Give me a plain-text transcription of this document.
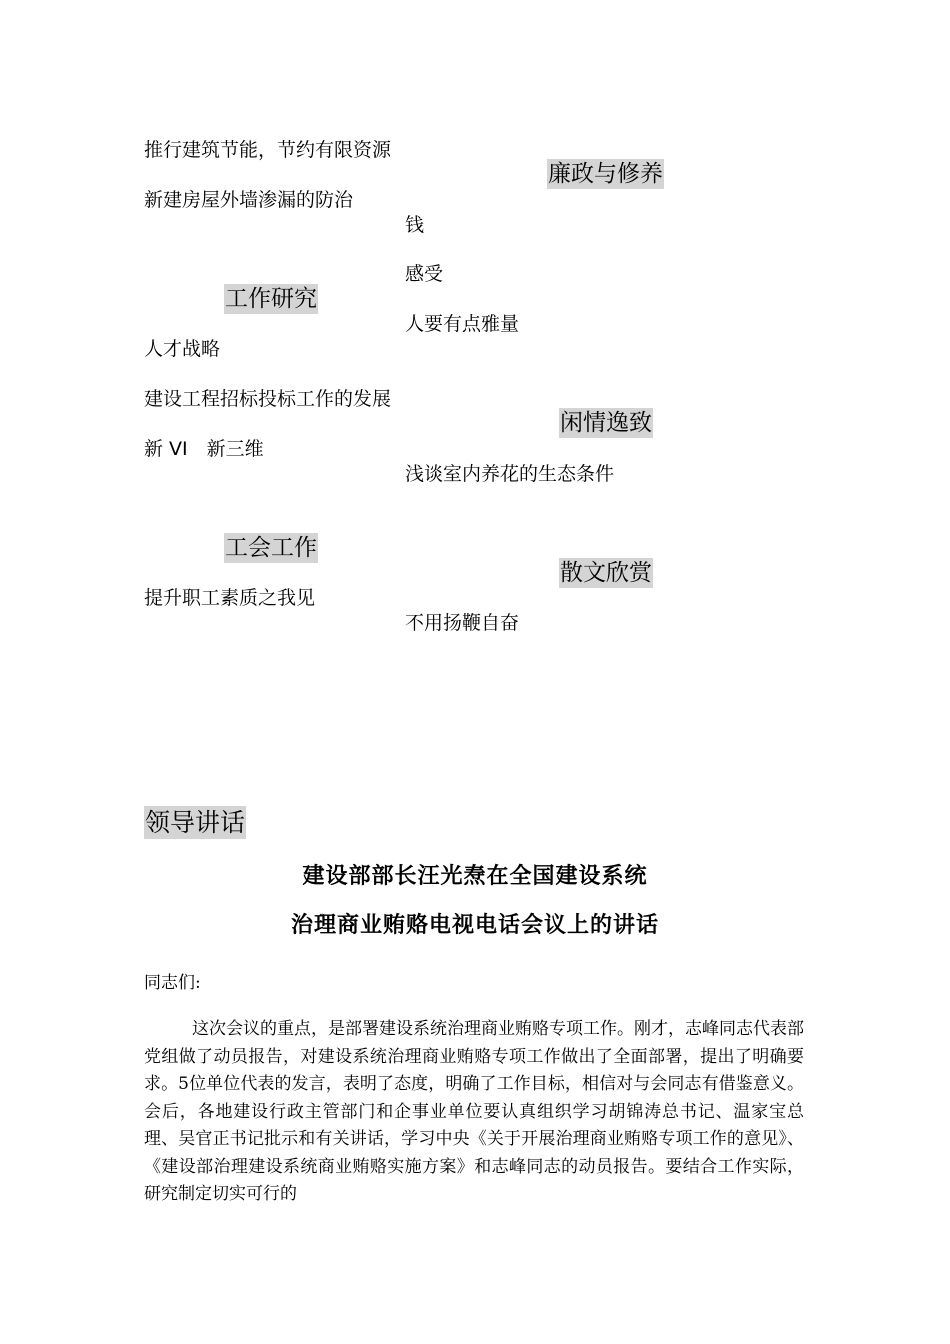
推行建筑节能，节约有限资源
新建房屋外墙渗漏的防治
工作研究
人才战略
建设工程招标投标工作的发展
新 VI　新三维
工会工作
提升职工素质之我见
廉政与修养
钱
感受
人要有点雅量
闲情逸致
浅谈室内养花的生态条件
散文欣赏
不用扬鞭自奋
领导讲话
建设部部长汪光焘在全国建设系统
治理商业贿赂电视电话会议上的讲话
同志们:
这次会议的重点，是部署建设系统治理商业贿赂专项工作。刚才，志峰同志代表部党组做了动员报告，对建设系统治理商业贿赂专项工作做出了全面部署，提出了明确要求。5位单位代表的发言，表明了态度，明确了工作目标，相信对与会同志有借鉴意义。会后，各地建设行政主管部门和企事业单位要认真组织学习胡锦涛总书记、温家宝总理、吴官正书记批示和有关讲话，学习中央《关于开展治理商业贿赂专项工作的意见》、《建设部治理建设系统商业贿赂实施方案》和志峰同志的动员报告。要结合工作实际，研究制定切实可行的
